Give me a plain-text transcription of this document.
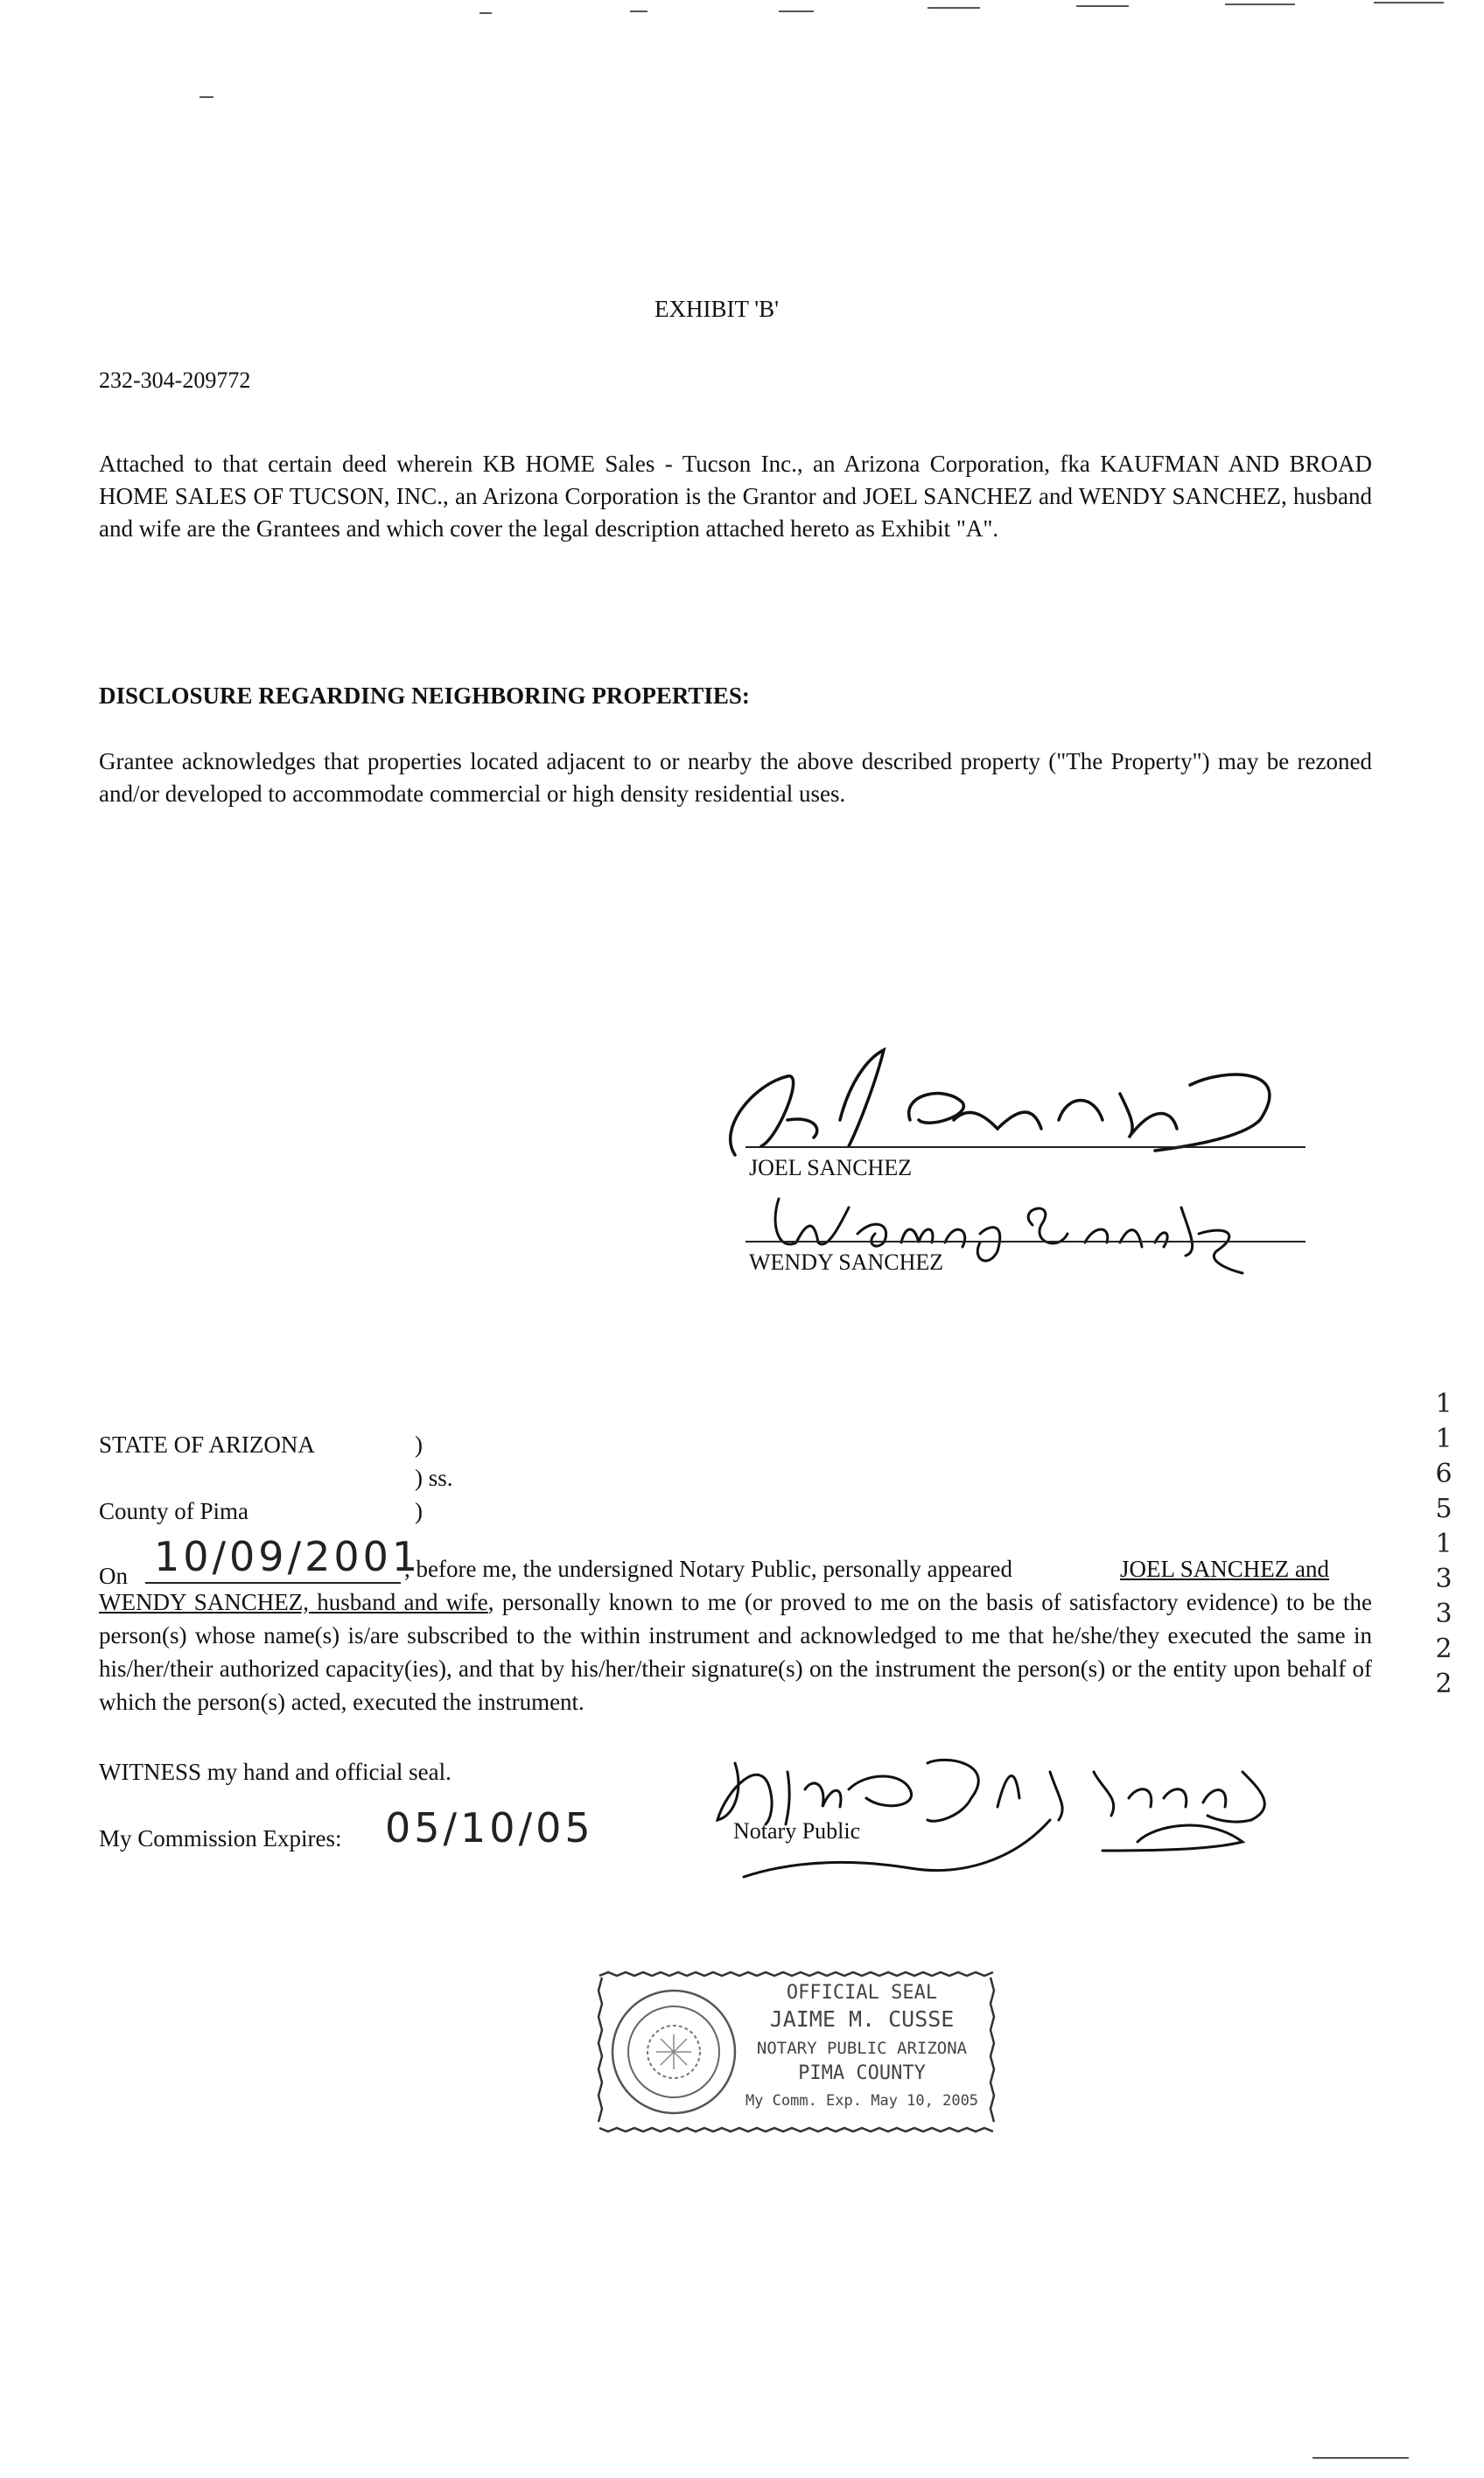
EXHIBIT 'B'
232-304-209772
Attached to that certain deed wherein KB HOME Sales - Tucson Inc., an Arizona Corporation, fka KAUFMAN AND BROAD HOME SALES OF TUCSON, INC., an Arizona Corporation is the Grantor and JOEL SANCHEZ and WENDY SANCHEZ, husband and wife are the Grantees and which cover the legal description attached hereto as Exhibit "A".
DISCLOSURE REGARDING NEIGHBORING PROPERTIES:
Grantee acknowledges that properties located adjacent to or nearby the above described property ("The Property") may be rezoned and/or developed to accommodate commercial or high density residential uses.
JOEL SANCHEZ
WENDY SANCHEZ
STATE OF ARIZONA	)
) ss.
County of Pima	)
On 10/09/2001
, before me, the undersigned Notary Public, personally appeared	JOEL SANCHEZ and
WENDY SANCHEZ, husband and wife, personally known to me (or proved to me on the basis of satisfactory evidence) to be the person(s) whose name(s) is/are subscribed to the within instrument and acknowledged to me that he/she/they executed the same in his/her/their authorized capacity(ies), and that by his/her/their signature(s) on the instrument the person(s) or the entity upon behalf of which the person(s) acted, executed the instrument.
WITNESS my hand and official seal.
My Commission Expires: 05/10/05	Notary Public
OFFICIAL SEAL
JAIME M. CUSSE
NOTARY PUBLIC ARIZONA
PIMA COUNTY
My Comm. Exp. May 10, 2005
1
1
6
5
1
3
3
2
2
